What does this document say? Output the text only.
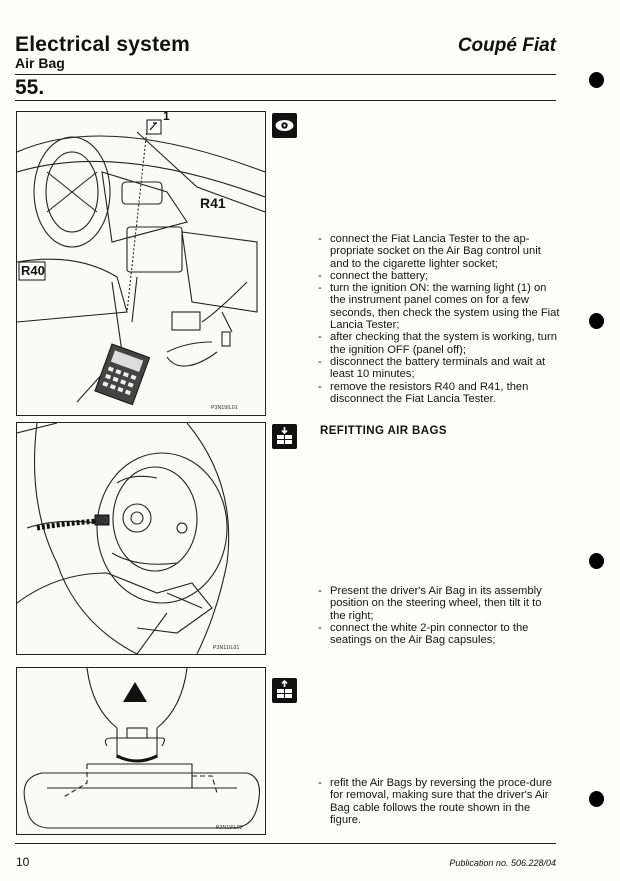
Electrical system
Air Bag
Coupé Fiat
55.
1
R41
R40
P3N19IL01
P3N11IL01
P3N19IL02
- connect the Fiat Lancia Tester to the ap-propriate socket on the Air Bag control unit and to the cigarette lighter socket;
- connect the battery;
- turn the ignition ON: the warning light (1) on the instrument panel comes on for a few seconds, then check the system using the Fiat Lancia Tester;
- after checking that the system is working, turn the ignition OFF (panel off);
- disconnect the battery terminals and wait at least 10 minutes;
- remove the resistors R40 and R41, then disconnect the Fiat Lancia Tester.
REFITTING AIR BAGS
- Present the driver's Air Bag in its assembly position on the steering wheel, then tilt it to the right;
- connect the white 2-pin connector to the seatings on the Air Bag capsules;
- refit the Air Bags by reversing the proce-dure for removal, making sure that the driver's Air Bag cable follows the route shown in the figure.
10	Publication no. 506.228/04
